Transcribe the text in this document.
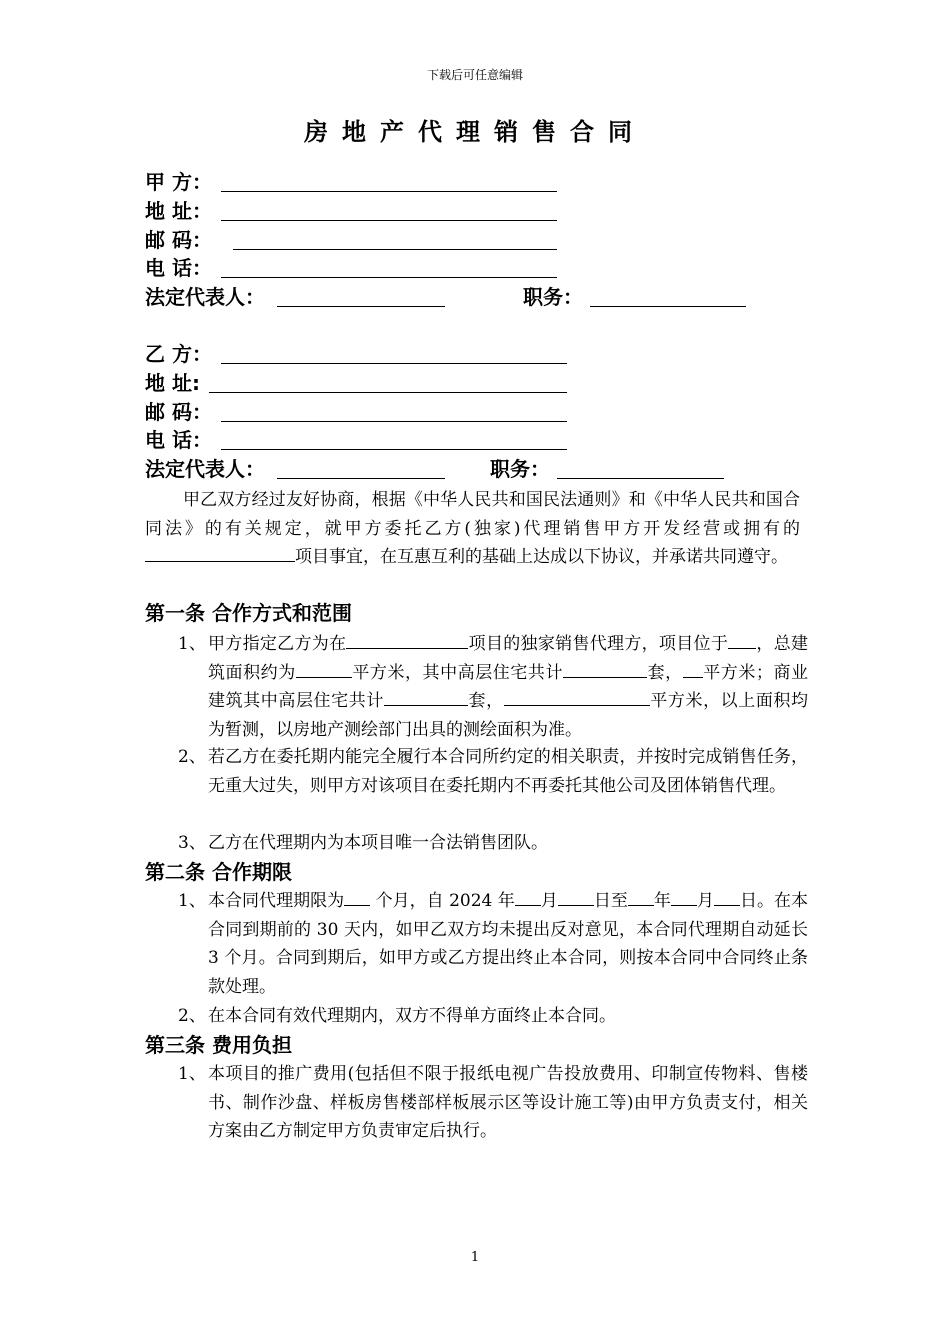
下载后可任意编辑
房地产代理销售合同
甲 方：
地 址：
邮 码：
电 话：
法定代表人：	职务：
乙 方：
地 址:
邮 码：
电 话：
法定代表人：	职务：
甲乙双方经过友好协商，根据《中华人民共和国民法通则》和《中华人民共和国合同法》的有关规定，就甲方委托乙方(独家)代理销售甲方开发经营或拥有的项目事宜，在互惠互利的基础上达成以下协议，并承诺共同遵守。
第一条 合作方式和范围
1、 甲方指定乙方为在	项目的独家销售代理方，项目位于 ，总建筑面积约为	平方米，其中高层住宅共计	套， 平方米；商业建筑其中高层住宅共计	套，	平方米，以上面积均为暂测，以房地产测绘部门出具的测绘面积为准。
2、 若乙方在委托期内能完全履行本合同所约定的相关职责，并按时完成销售任务，无重大过失，则甲方对该项目在委托期内不再委托其他公司及团体销售代理。
3、 乙方在代理期内为本项目唯一合法销售团队。
第二条 合作期限
1、 本合同代理期限为 个月，自 2024 年 月 日至 年 月 日。在本合同到期前的 30 天内，如甲乙双方均未提出反对意见，本合同代理期自动延长 3 个月。合同到期后，如甲方或乙方提出终止本合同，则按本合同中合同终止条款处理。
2、 在本合同有效代理期内，双方不得单方面终止本合同。
第三条 费用负担
1、 本项目的推广费用(包括但不限于报纸电视广告投放费用、印制宣传物料、售楼书、制作沙盘、样板房售楼部样板展示区等设计施工等)由甲方负责支付，相关方案由乙方制定甲方负责审定后执行。
1
